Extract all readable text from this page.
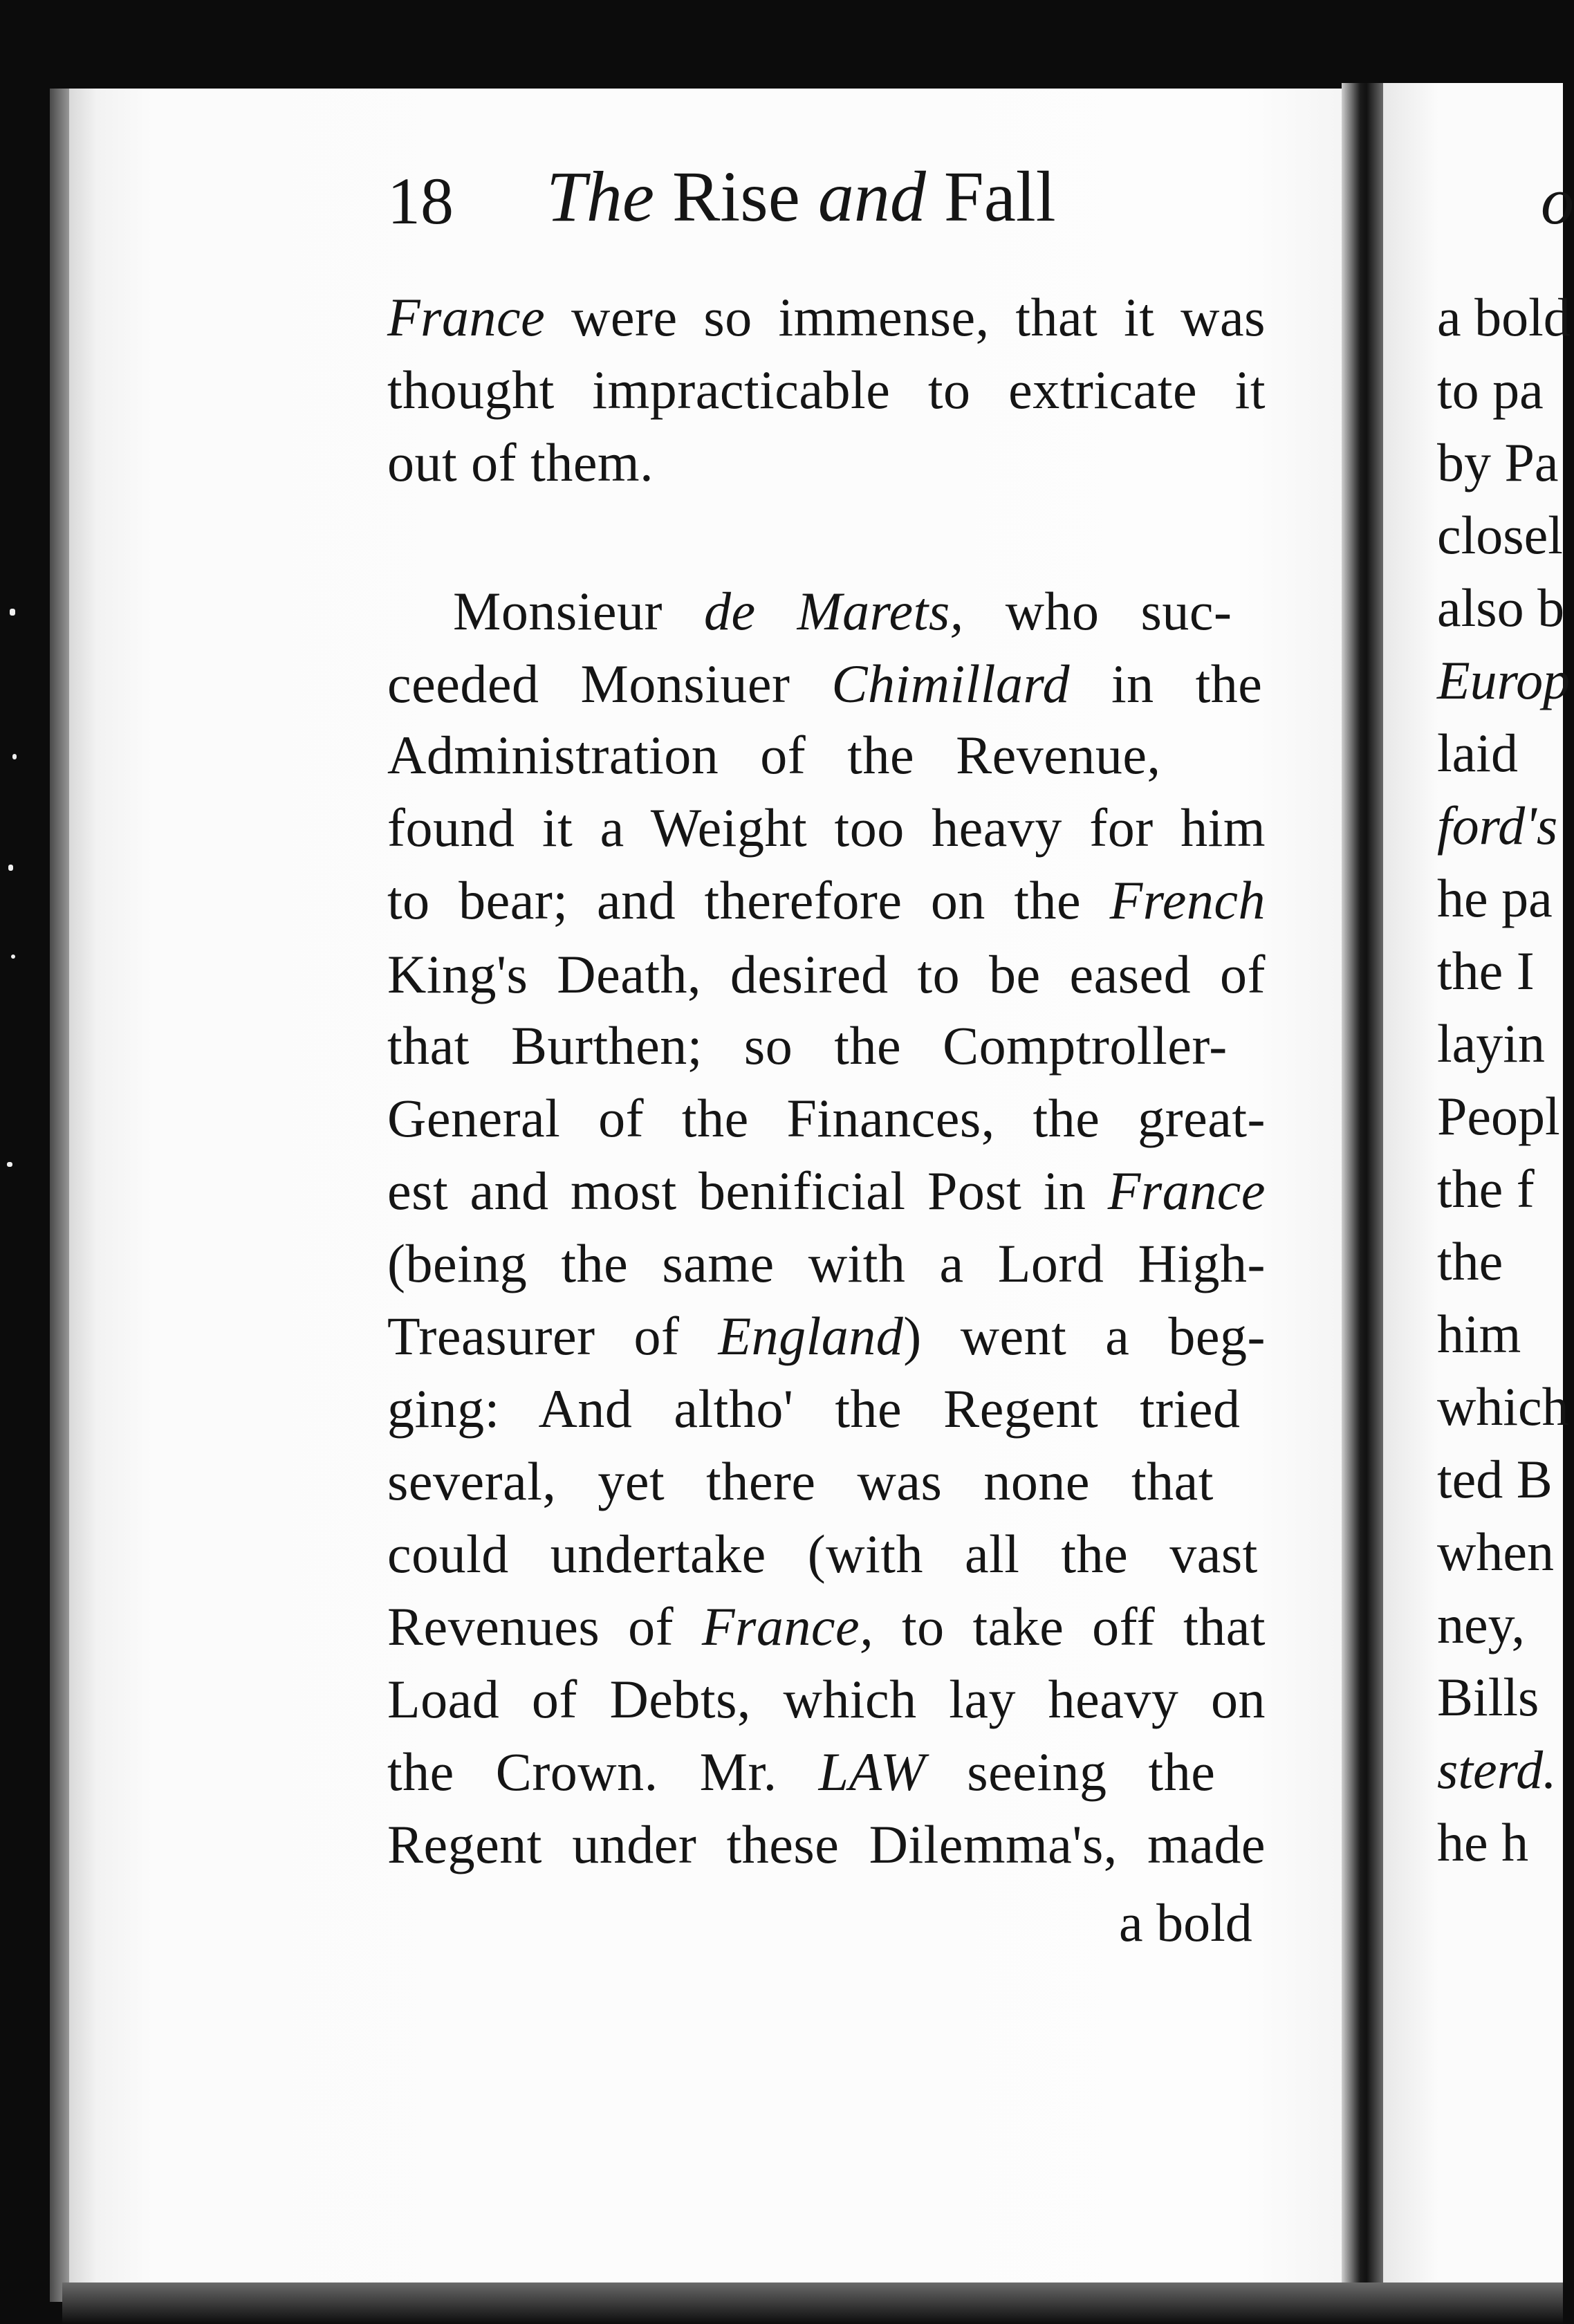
18 The Rise and Fall
France were so immense, that it was
thought impracticable to extricate it
out of them.
Monsieur de Marets, who suc-
ceeded Monsiuer Chimillard in the
Administration of the Revenue,
found it a Weight too heavy for him
to bear; and therefore on the French
King's Death, desired to be eased of
that Burthen; so the Comptroller-
General of the Finances, the great-
est and most benificial Post in France
(being the same with a Lord High-
Treasurer of England) went a beg-
ging: And altho' the Regent tried
several, yet there was none that
could undertake (with all the vast
Revenues of France, to take off that
Load of Debts, which lay heavy on
the Crown. Mr. LAW seeing the
Regent under these Dilemma's, made
a bold
o
a bold
to pa
by Pa
closel
also b
Europ
laid
ford's
he pa
the I
layin
Peopl
the f
the
him
which
ted B
when
ney,
Bills
sterd.
he h
